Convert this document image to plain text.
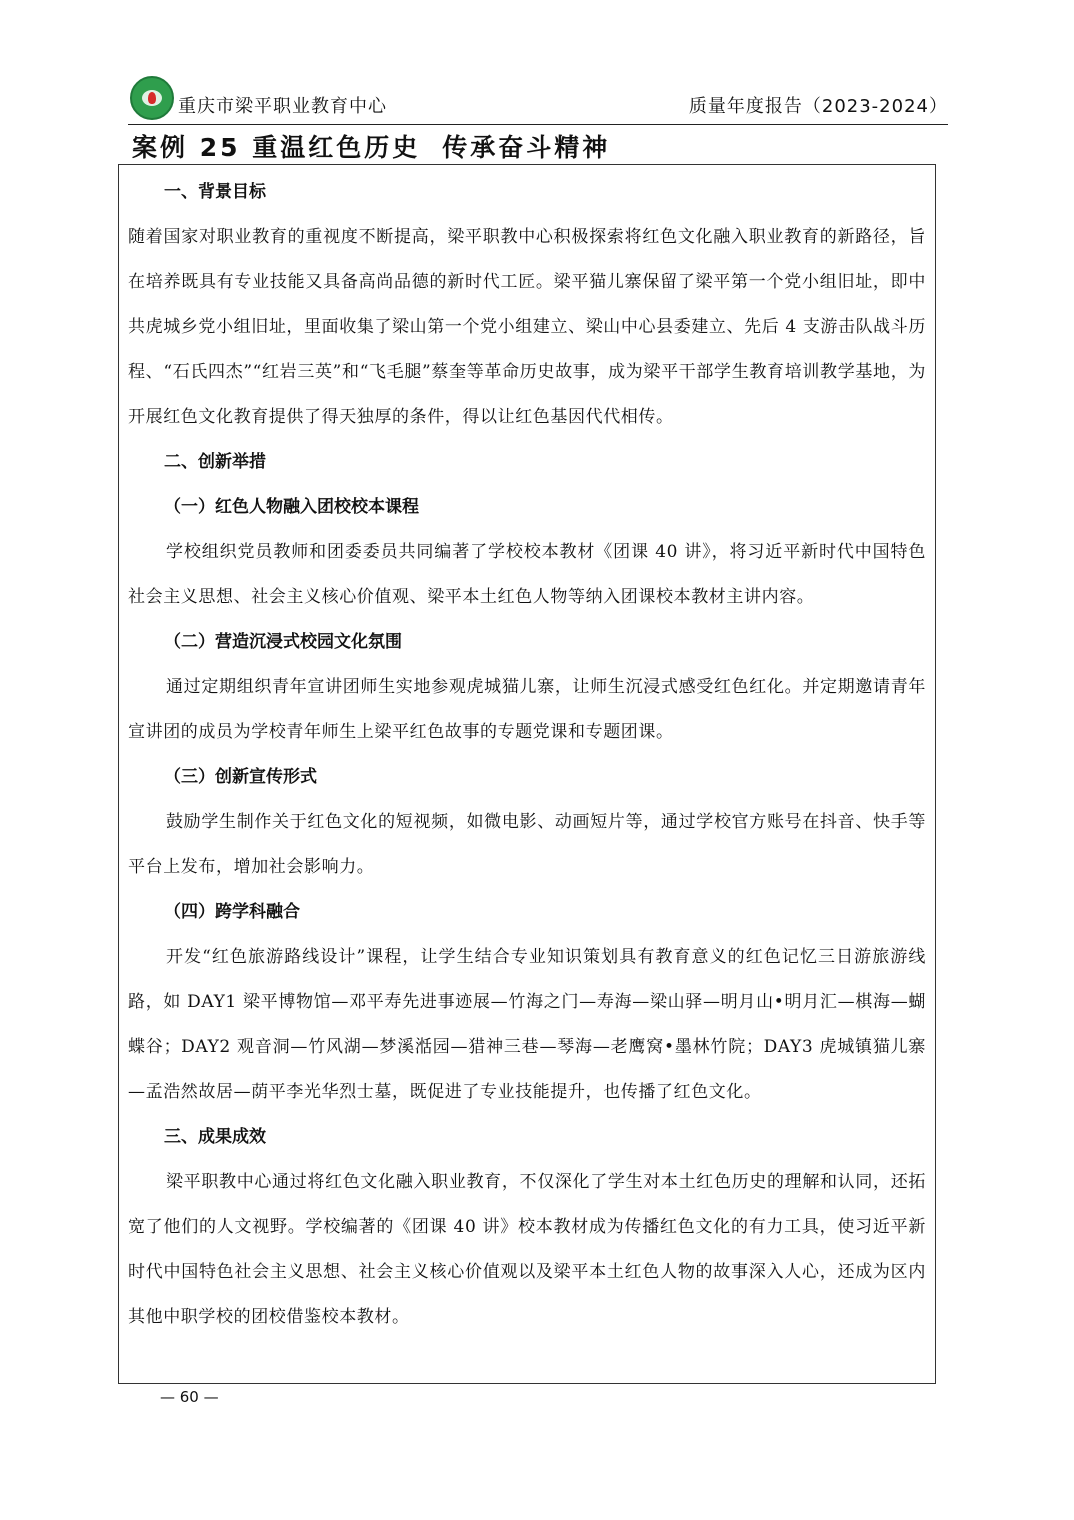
重庆市梁平职业教育中心	质量年度报告（2023-2024）
案例 25 重温红色历史 传承奋斗精神

一、背景目标

随着国家对职业教育的重视度不断提高，梁平职教中心积极探索将红色文化融入职业教育的新路径，旨在培养既具有专业技能又具备高尚品德的新时代工匠。梁平猫儿寨保留了梁平第一个党小组旧址，即中共虎城乡党小组旧址，里面收集了梁山第一个党小组建立、梁山中心县委建立、先后 4 支游击队战斗历程、“石氏四杰”“红岩三英”和“飞毛腿”蔡奎等革命历史故事，成为梁平干部学生教育培训教学基地，为开展红色文化教育提供了得天独厚的条件，得以让红色基因代代相传。

二、创新举措

（一）红色人物融入团校校本课程

学校组织党员教师和团委委员共同编著了学校校本教材《团课 40 讲》，将习近平新时代中国特色社会主义思想、社会主义核心价值观、梁平本土红色人物等纳入团课校本教材主讲内容。

（二）营造沉浸式校园文化氛围

通过定期组织青年宣讲团师生实地参观虎城猫儿寨，让师生沉浸式感受红色红化。并定期邀请青年宣讲团的成员为学校青年师生上梁平红色故事的专题党课和专题团课。

（三）创新宣传形式

鼓励学生制作关于红色文化的短视频，如微电影、动画短片等，通过学校官方账号在抖音、快手等平台上发布，增加社会影响力。

（四）跨学科融合

开发“红色旅游路线设计”课程，让学生结合专业知识策划具有教育意义的红色记忆三日游旅游线路，如 DAY1 梁平博物馆—邓平寿先进事迹展—竹海之门—寿海—梁山驿—明月山•明月汇—棋海—蝴蝶谷；DAY2 观音洞—竹风湖—梦溪湉园—猎神三巷—琴海—老鹰窝•墨林竹院；DAY3 虎城镇猫儿寨—孟浩然故居—荫平李光华烈士墓，既促进了专业技能提升，也传播了红色文化。

三、成果成效

梁平职教中心通过将红色文化融入职业教育，不仅深化了学生对本土红色历史的理解和认同，还拓宽了他们的人文视野。学校编著的《团课 40 讲》校本教材成为传播红色文化的有力工具，使习近平新时代中国特色社会主义思想、社会主义核心价值观以及梁平本土红色人物的故事深入人心，还成为区内其他中职学校的团校借鉴校本教材。

— 60 —
